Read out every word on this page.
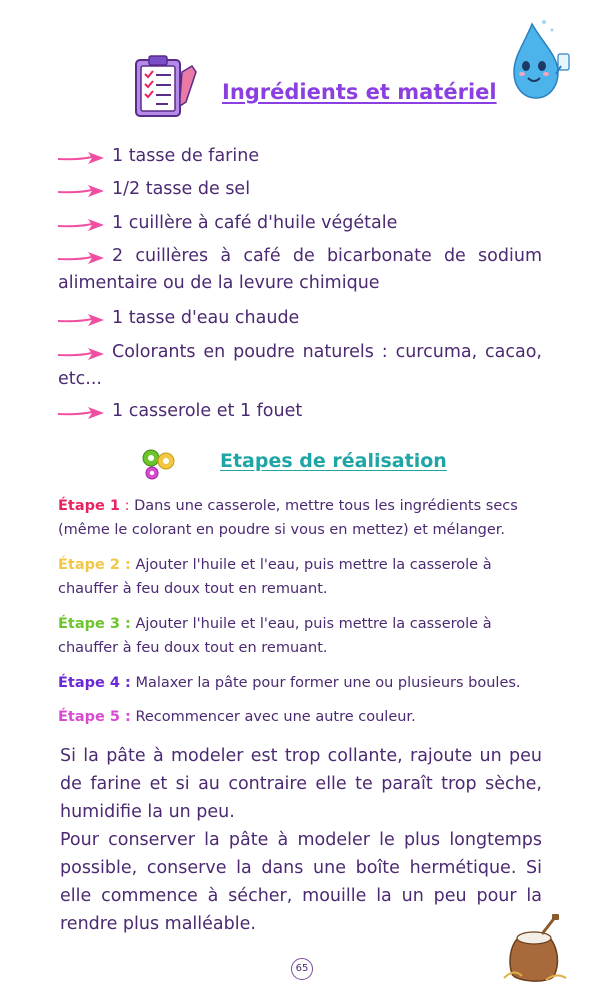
Ingrédients et matériel
1 tasse de farine
1/2 tasse de sel
1 cuillère à café d'huile végétale
2 cuillères à café de bicarbonate de sodium alimentaire ou de la levure chimique
1 tasse d'eau chaude
Colorants en poudre naturels : curcuma, cacao, etc...
1 casserole et 1 fouet
Etapes de réalisation
Étape 1 : Dans une casserole, mettre tous les ingrédients secs (même le colorant en poudre si vous en mettez) et mélanger.
Étape 2 : Ajouter l'huile et l'eau, puis mettre la casserole à chauffer à feu doux tout en remuant.
Étape 3 : Ajouter l'huile et l'eau, puis mettre la casserole à chauffer à feu doux tout en remuant.
Étape 4 : Malaxer la pâte pour former une ou plusieurs boules.
Étape 5 : Recommencer avec une autre couleur.
Si la pâte à modeler est trop collante, rajoute un peu de farine et si au contraire elle te paraît trop sèche, humidifie la un peu.
Pour conserver la pâte à modeler le plus longtemps possible, conserve la dans une boîte hermétique. Si elle commence à sécher, mouille la un peu pour la rendre plus malléable.
65
